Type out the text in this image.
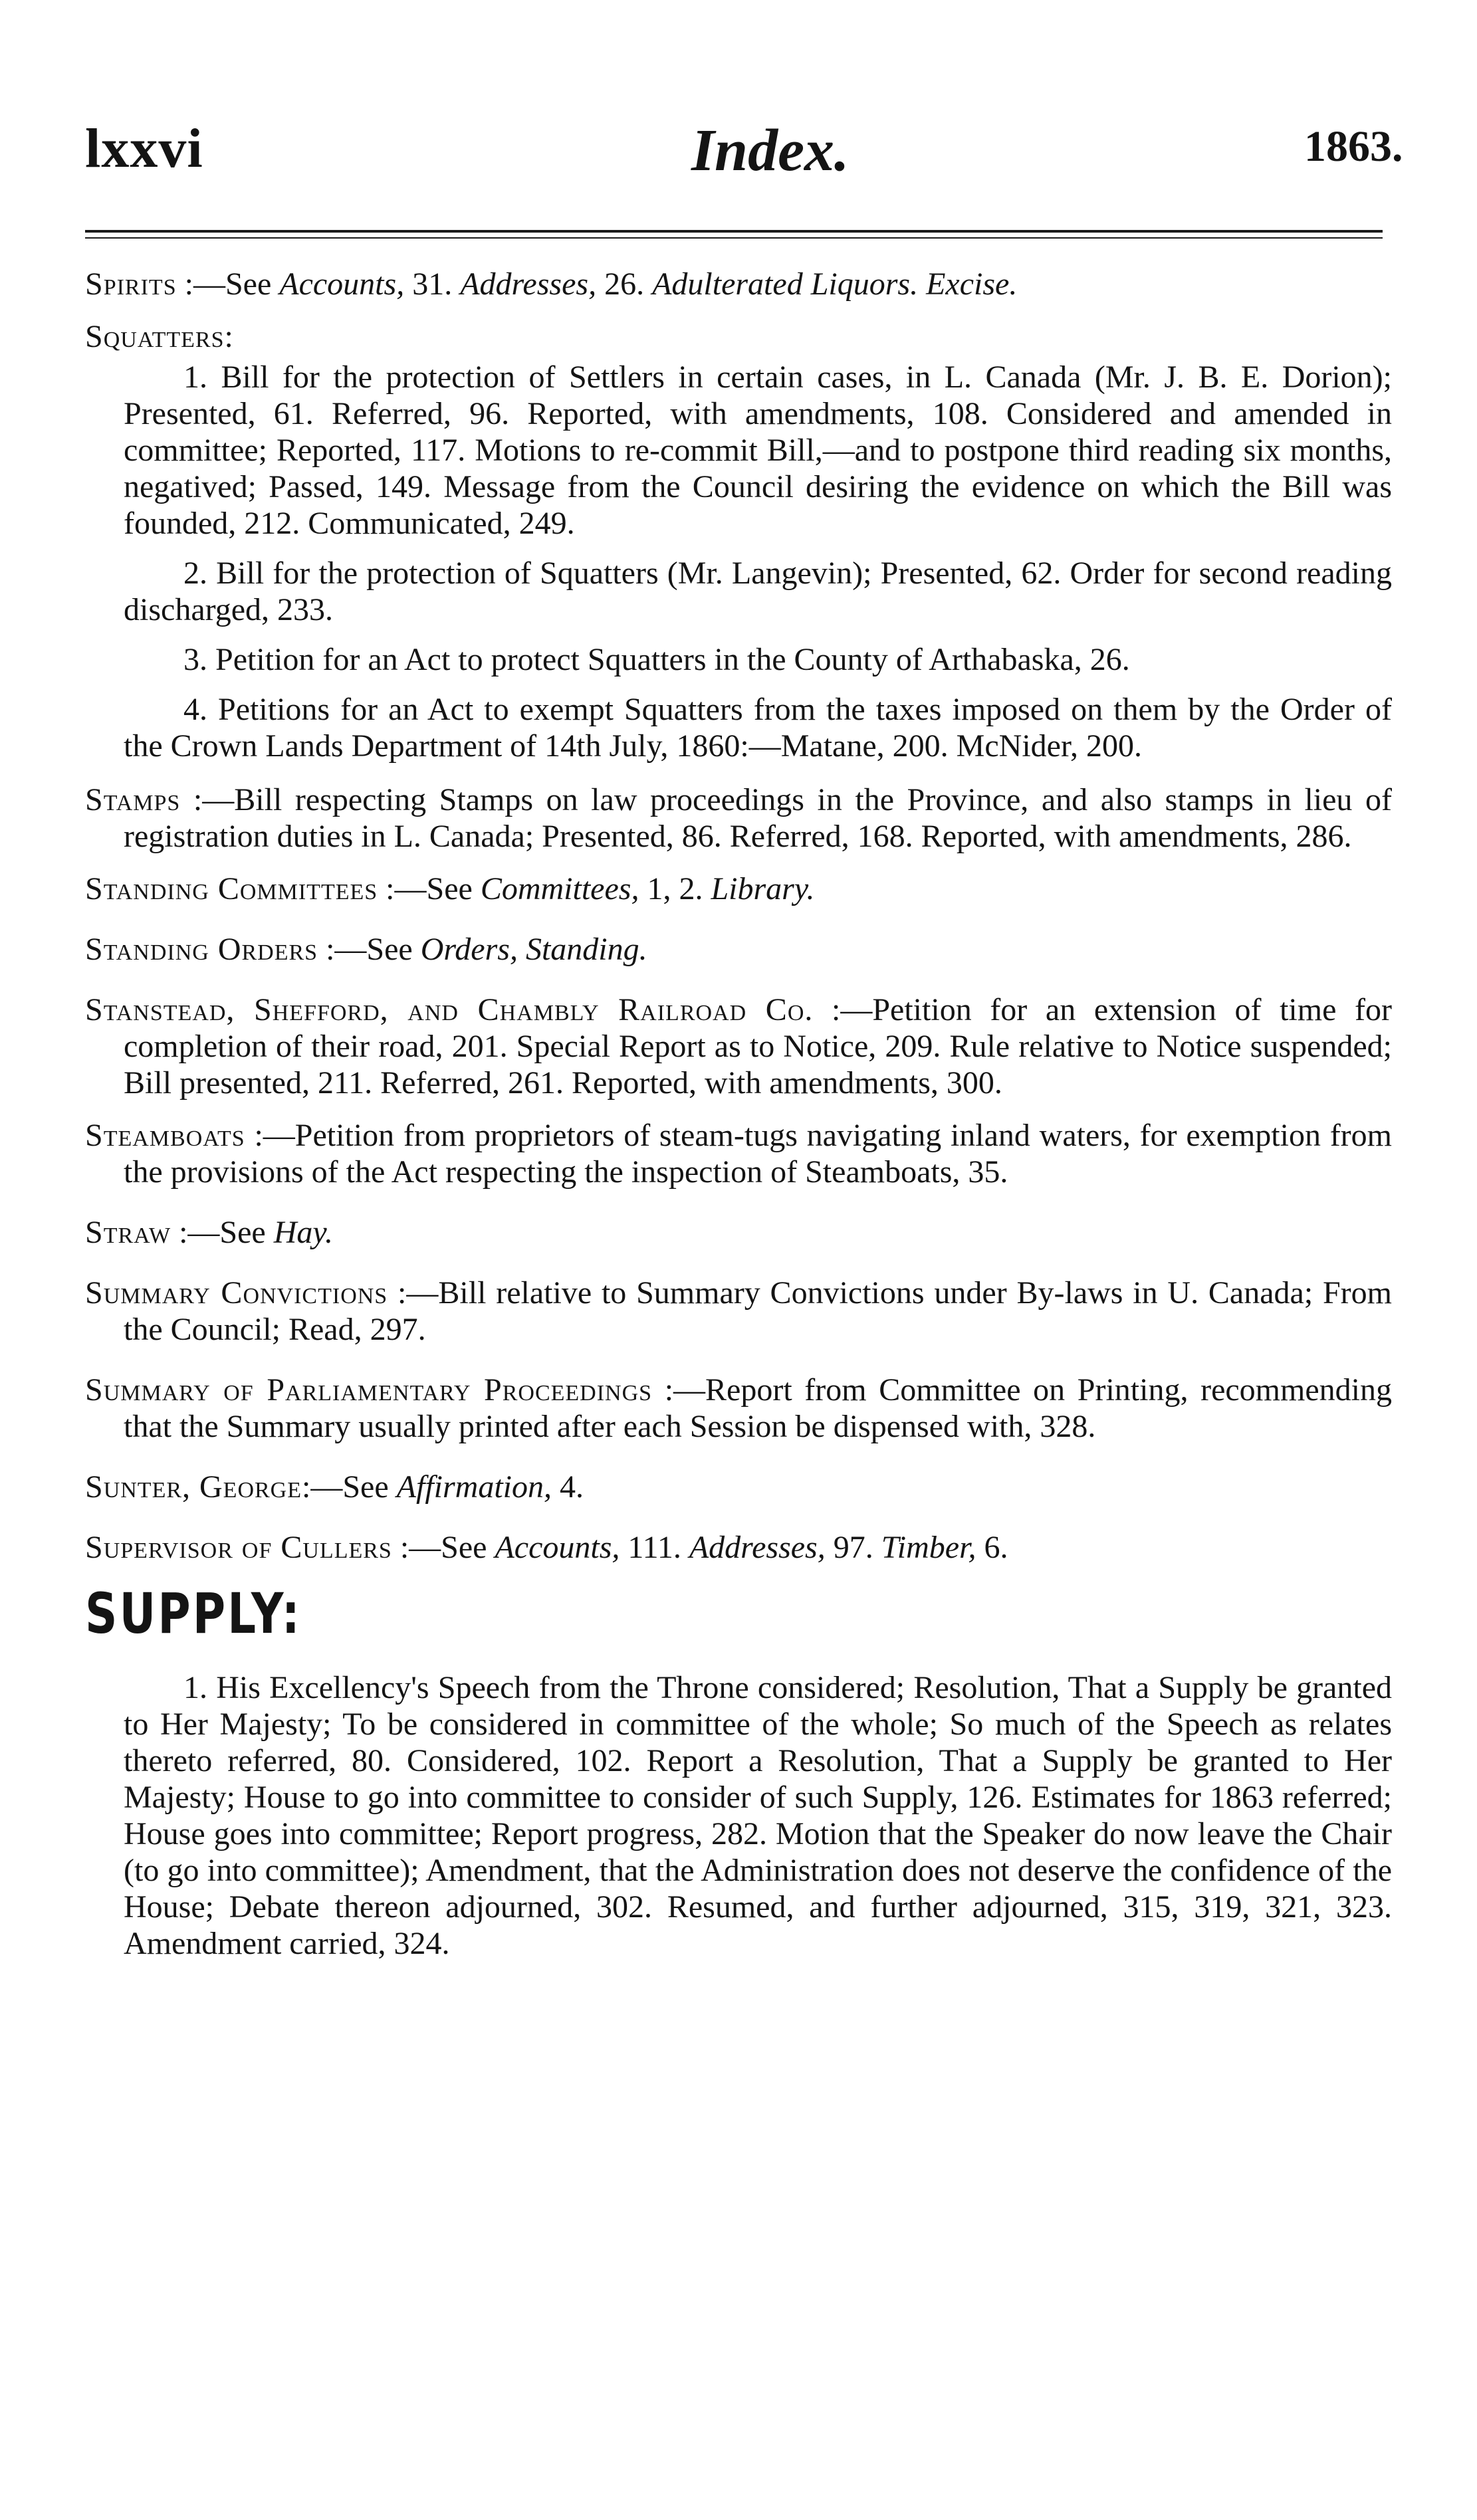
lxxvi	Index.	1863.

Spirits :—See Accounts, 31. Addresses, 26. Adulterated Liquors. Excise.

Squatters:

1. Bill for the protection of Settlers in certain cases, in L. Canada (Mr. J. B. E. Dorion); Presented, 61. Referred, 96. Reported, with amendments, 108. Considered and amended in committee; Reported, 117. Motions to re-commit Bill,—and to postpone third reading six months, negatived; Passed, 149. Message from the Council desiring the evidence on which the Bill was founded, 212. Communicated, 249.

2. Bill for the protection of Squatters (Mr. Langevin); Presented, 62. Order for second reading discharged, 233.

3. Petition for an Act to protect Squatters in the County of Arthabaska, 26.

4. Petitions for an Act to exempt Squatters from the taxes imposed on them by the Order of the Crown Lands Department of 14th July, 1860:—Matane, 200. McNider, 200.

Stamps :—Bill respecting Stamps on law proceedings in the Province, and also stamps in lieu of registration duties in L. Canada; Presented, 86. Referred, 168. Reported, with amendments, 286.

Standing Committees :—See Committees, 1, 2. Library.

Standing Orders :—See Orders, Standing.

Stanstead, Shefford, and Chambly Railroad Co. :—Petition for an extension of time for completion of their road, 201. Special Report as to Notice, 209. Rule relative to Notice suspended; Bill presented, 211. Referred, 261. Reported, with amendments, 300.

Steamboats :—Petition from proprietors of steam-tugs navigating inland waters, for exemption from the provisions of the Act respecting the inspection of Steamboats, 35.

Straw :—See Hay.

Summary Convictions :—Bill relative to Summary Convictions under By-laws in U. Canada; From the Council; Read, 297.

Summary of Parliamentary Proceedings :—Report from Committee on Printing, recommending that the Summary usually printed after each Session be dispensed with, 328.

Sunter, George:—See Affirmation, 4.

Supervisor of Cullers :—See Accounts, 111. Addresses, 97. Timber, 6.

SUPPLY:

1. His Excellency's Speech from the Throne considered; Resolution, That a Supply be granted to Her Majesty; To be considered in committee of the whole; So much of the Speech as relates thereto referred, 80. Considered, 102. Report a Resolution, That a Supply be granted to Her Majesty; House to go into committee to consider of such Supply, 126. Estimates for 1863 referred; House goes into committee; Report progress, 282. Motion that the Speaker do now leave the Chair (to go into committee); Amendment, that the Administration does not deserve the confidence of the House; Debate thereon adjourned, 302. Resumed, and further adjourned, 315, 319, 321, 323. Amendment carried, 324.
